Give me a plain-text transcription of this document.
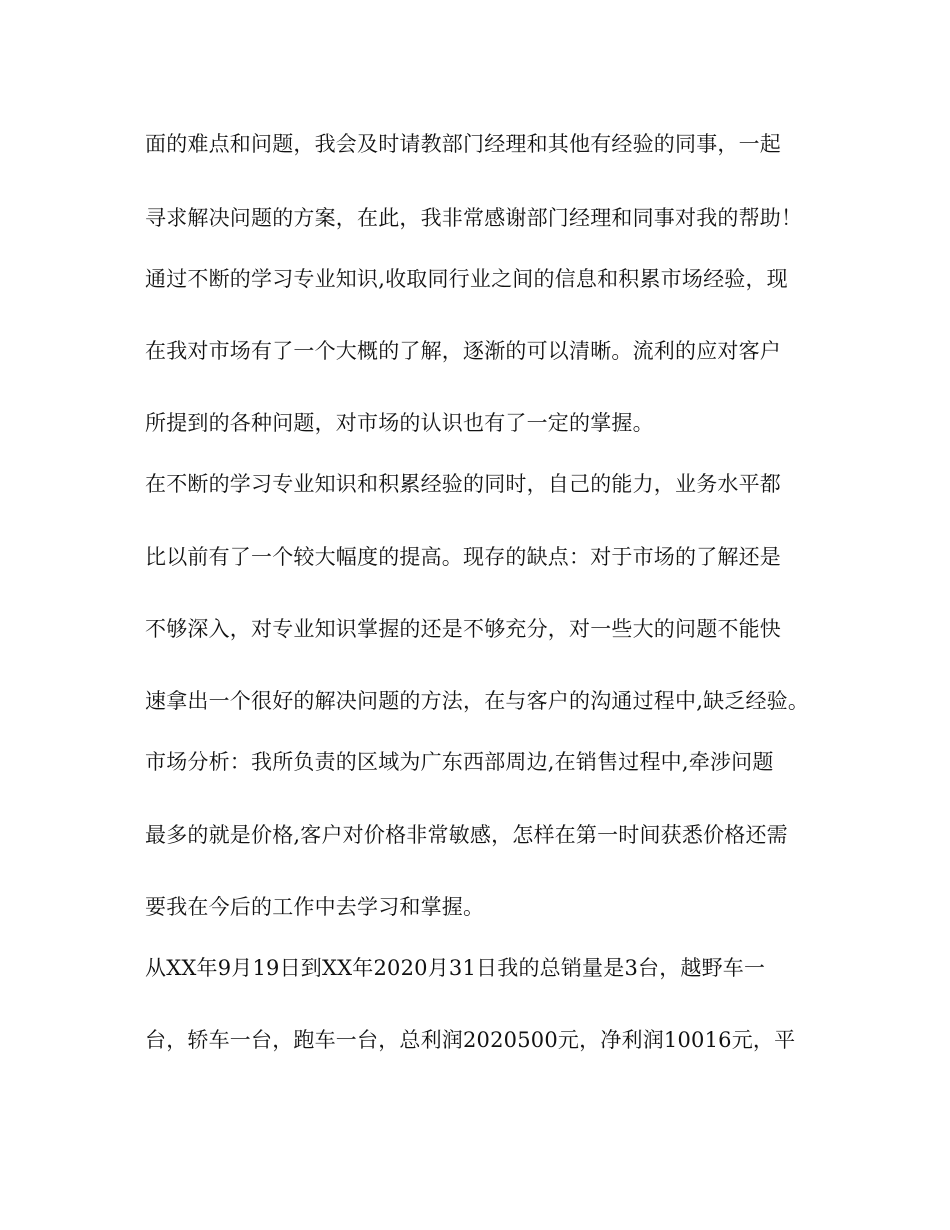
面的难点和问题，我会及时请教部门经理和其他有经验的同事，一起
寻求解决问题的方案，在此，我非常感谢部门经理和同事对我的帮助！
通过不断的学习专业知识,收取同行业之间的信息和积累市场经验，现
在我对市场有了一个大概的了解，逐渐的可以清晰。流利的应对客户
所提到的各种问题，对市场的认识也有了一定的掌握。
在不断的学习专业知识和积累经验的同时，自己的能力，业务水平都
比以前有了一个较大幅度的提高。现存的缺点：对于市场的了解还是
不够深入，对专业知识掌握的还是不够充分，对一些大的问题不能快
速拿出一个很好的解决问题的方法，在与客户的沟通过程中,缺乏经验。
市场分析：我所负责的区域为广东西部周边,在销售过程中,牵涉问题
最多的就是价格,客户对价格非常敏感，怎样在第一时间获悉价格还需
要我在今后的工作中去学习和掌握。
从XX年9月19日到XX年2020月31日我的总销量是3台，越野车一
台，轿车一台，跑车一台，总利润2020500元，净利润10016元，平
